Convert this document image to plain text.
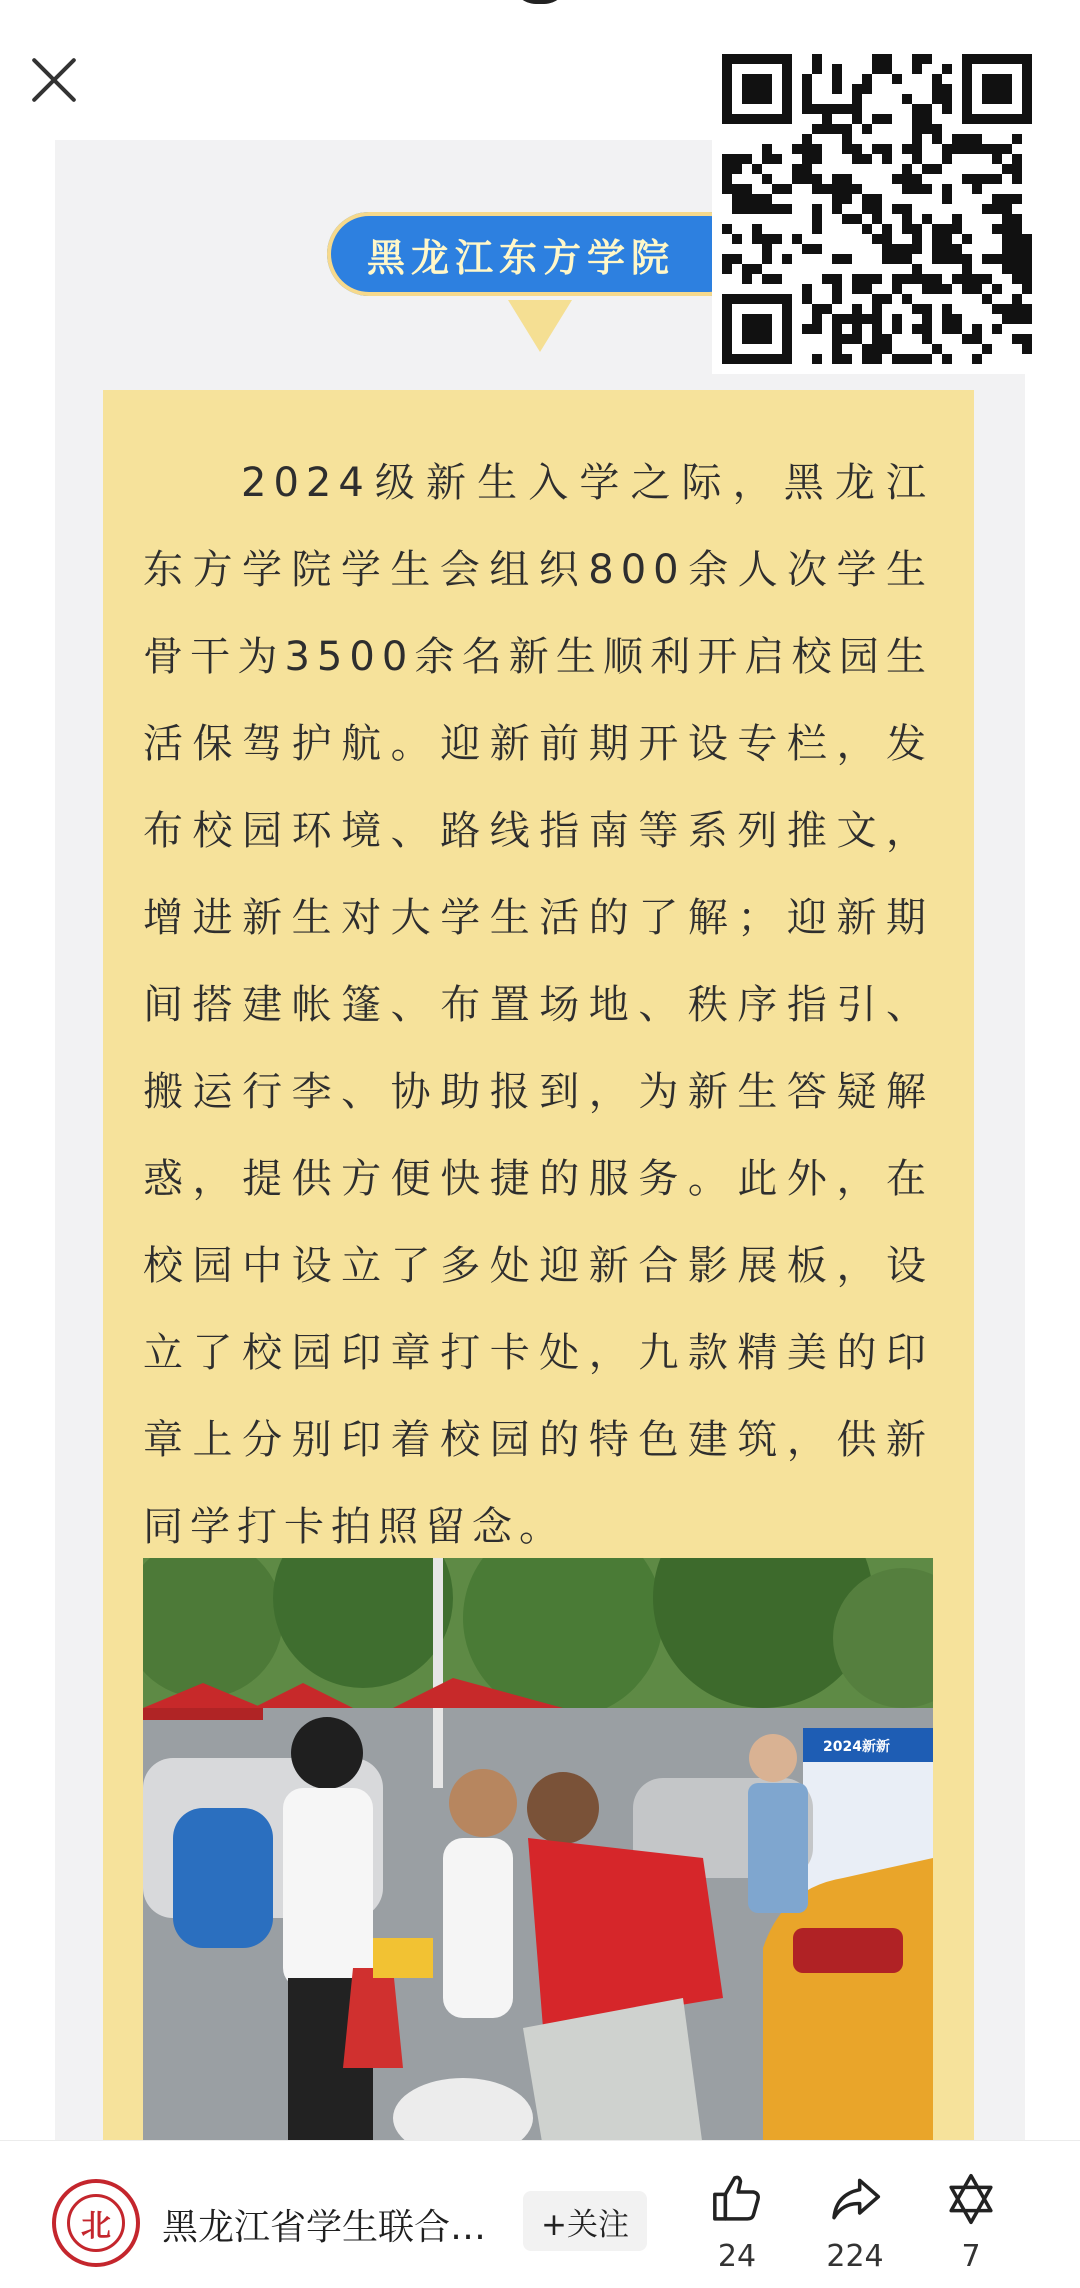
黑龙江东方学院
2024级新生入学之际，黑龙江东方学院学生会组织800余人次学生骨干为3500余名新生顺利开启校园生活保驾护航。迎新前期开设专栏，发布校园环境、路线指南等系列推文，增进新生对大学生活的了解；迎新期间搭建帐篷、布置场地、秩序指引、搬运行李、协助报到，为新生答疑解惑，提供方便快捷的服务。此外，在校园中设立了多处迎新合影展板，设立了校园印章打卡处，九款精美的印章上分别印着校园的特色建筑，供新同学打卡拍照留念。
2024新新
北	黑龙江省学生联合…	+关注
24	224	7
